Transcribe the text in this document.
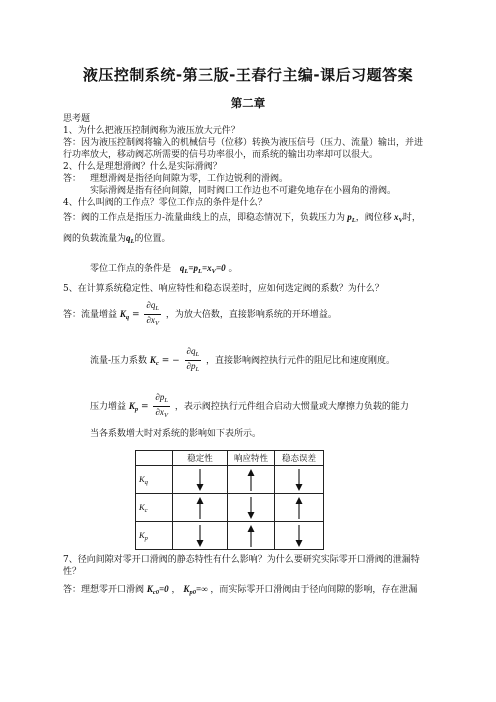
液压控制系统-第三版-王春行主编-课后习题答案
第二章
思考题
1、为什么把液压控制阀称为液压放大元件？
答：因为液压控制阀将输入的机械信号（位移）转换为液压信号（压力、流量）输出，并进
行功率放大，移动阀芯所需要的信号功率很小，而系统的输出功率却可以很大。
2、什么是理想滑阀？什么是实际滑阀？
答： 理想滑阀是指径向间隙为零，工作边锐利的滑阀。
实际滑阀是指有径向间隙，同时阀口工作边也不可避免地存在小圆角的滑阀。
4、什么叫阀的工作点？零位工作点的条件是什么？
答：阀的工作点是指压力-流量曲线上的点，即稳态情况下，负载压力为 $p_L$，阀位移 $x_V$时，
阀的负载流量为$q_L$的位置。
零位工作点的条件是 $q_L=p_L=x_V=0$ 。
5、在计算系统稳定性、响应特性和稳态误差时，应如何选定阀的系数？为什么？
答：流量增益 $K_q = \frac{\partial q_L}{\partial x_V}$ ，为放大倍数，直接影响系统的开环增益。
流量-压力系数 $K_c$ = − $\frac{\partial q_L}{\partial p_L}$ ，直接影响阀控执行元件的阻尼比和速度刚度。
压力增益 $K_p = \frac{\partial p_L}{\partial x_V}$ ，表示阀控执行元件组合启动大惯量或大摩擦力负载的能力
当各系数增大时对系统的影响如下表所示。
	稳定性	响应特性	稳态误差
$K_q$	

$K_c$	

$K_p$	

7、径向间隙对零开口滑阀的静态特性有什么影响？为什么要研究实际零开口滑阀的泄漏特
性？
答：理想零开口滑阀 $K_{c0}=0$ ， $K_{p0}=\infty$ ，而实际零开口滑阀由于径向间隙的影响，存在泄漏
